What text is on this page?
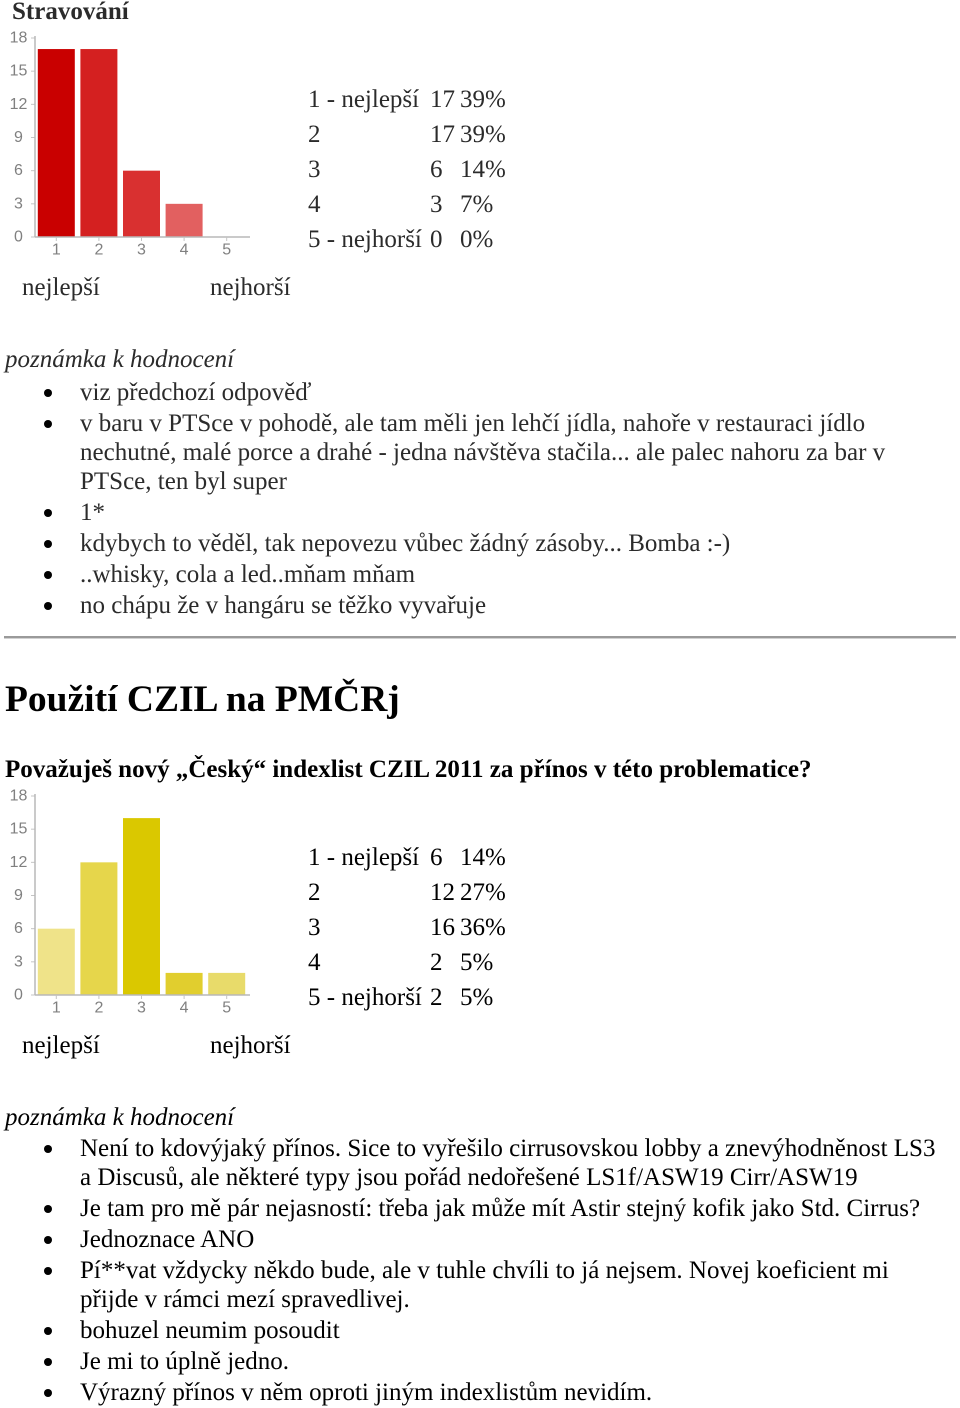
Stravování
0
3
6
9
12
15
18
1 2 3 4 5
1 - nejlepší 17 39%
2	17 39%
3	6 14%
4	3 7%
5 - nejhorší 0 0%
nejlepší	nejhorší
poznámka k hodnocení
viz předchozí odpověď
v baru v PTSce v pohodě, ale tam měli jen lehčí jídla, nahoře v restauraci jídlo nechutné, malé porce a drahé - jedna návštěva stačila... ale palec nahoru za bar v PTSce, ten byl super
1*
kdybych to věděl, tak nepovezu vůbec žádný zásoby... Bomba :-)
..whisky, cola a led..mňam mňam
no chápu že v hangáru se těžko vyvařuje
Použití CZIL na PMČRj
Považuješ nový „Český“ indexlist CZIL 2011 za přínos v této problematice?
0
3
6
9
12
15
18
1 2 3 4 5
1 - nejlepší 6 14%
2	12 27%
3	16 36%
4	2 5%
5 - nejhorší 2 5%
nejlepší	nejhorší
poznámka k hodnocení
Není to kdovýjaký přínos. Sice to vyřešilo cirrusovskou lobby a znevýhodněnost LS3 a Discusů, ale některé typy jsou pořád nedořešené LS1f/ASW19 Cirr/ASW19
Je tam pro mě pár nejasností: třeba jak může mít Astir stejný kofik jako Std. Cirrus?
Jednoznace ANO
Pí**vat vždycky někdo bude, ale v tuhle chvíli to já nejsem. Novej koeficient mi přijde v rámci mezí spravedlivej.
bohuzel neumim posoudit
Je mi to úplně jedno.
Výrazný přínos v něm oproti jiným indexlistům nevidím.
